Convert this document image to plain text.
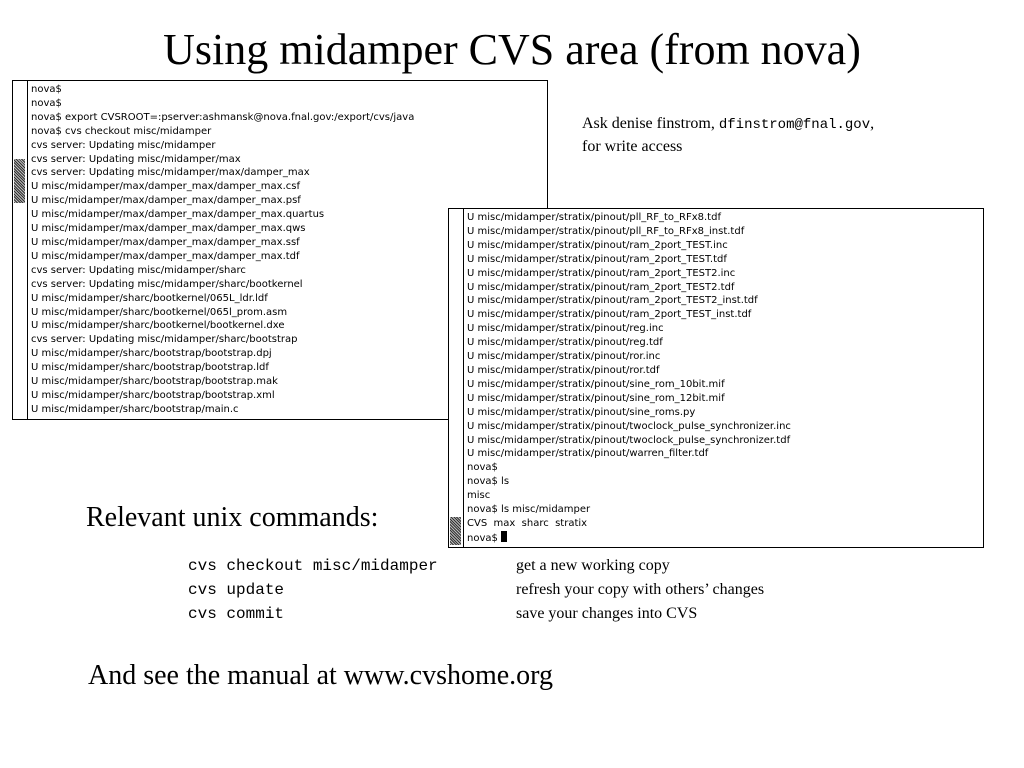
Using midamper CVS area (from nova)
nova$
nova$
nova$ export CVSROOT=:pserver:ashmansk@nova.fnal.gov:/export/cvs/java
nova$ cvs checkout misc/midamper
cvs server: Updating misc/midamper
cvs server: Updating misc/midamper/max
cvs server: Updating misc/midamper/max/damper_max
U misc/midamper/max/damper_max/damper_max.csf
U misc/midamper/max/damper_max/damper_max.psf
U misc/midamper/max/damper_max/damper_max.quartus
U misc/midamper/max/damper_max/damper_max.qws
U misc/midamper/max/damper_max/damper_max.ssf
U misc/midamper/max/damper_max/damper_max.tdf
cvs server: Updating misc/midamper/sharc
cvs server: Updating misc/midamper/sharc/bootkernel
U misc/midamper/sharc/bootkernel/065L_ldr.ldf
U misc/midamper/sharc/bootkernel/065l_prom.asm
U misc/midamper/sharc/bootkernel/bootkernel.dxe
cvs server: Updating misc/midamper/sharc/bootstrap
U misc/midamper/sharc/bootstrap/bootstrap.dpj
U misc/midamper/sharc/bootstrap/bootstrap.ldf
U misc/midamper/sharc/bootstrap/bootstrap.mak
U misc/midamper/sharc/bootstrap/bootstrap.xml
U misc/midamper/sharc/bootstrap/main.c
Ask denise finstrom, dfinstrom@fnal.gov,
for write access
U misc/midamper/stratix/pinout/pll_RF_to_RFx8.tdf
U misc/midamper/stratix/pinout/pll_RF_to_RFx8_inst.tdf
U misc/midamper/stratix/pinout/ram_2port_TEST.inc
U misc/midamper/stratix/pinout/ram_2port_TEST.tdf
U misc/midamper/stratix/pinout/ram_2port_TEST2.inc
U misc/midamper/stratix/pinout/ram_2port_TEST2.tdf
U misc/midamper/stratix/pinout/ram_2port_TEST2_inst.tdf
U misc/midamper/stratix/pinout/ram_2port_TEST_inst.tdf
U misc/midamper/stratix/pinout/reg.inc
U misc/midamper/stratix/pinout/reg.tdf
U misc/midamper/stratix/pinout/ror.inc
U misc/midamper/stratix/pinout/ror.tdf
U misc/midamper/stratix/pinout/sine_rom_10bit.mif
U misc/midamper/stratix/pinout/sine_rom_12bit.mif
U misc/midamper/stratix/pinout/sine_roms.py
U misc/midamper/stratix/pinout/twoclock_pulse_synchronizer.inc
U misc/midamper/stratix/pinout/twoclock_pulse_synchronizer.tdf
U misc/midamper/stratix/pinout/warren_filter.tdf
nova$
nova$ ls
misc
nova$ ls misc/midamper
CVS  max  sharc  stratix
nova$
Relevant unix commands:
cvs checkout misc/midamper	get a new working copy
cvs update	refresh your copy with others’ changes
cvs commit	save your changes into CVS
And see the manual at www.cvshome.org
